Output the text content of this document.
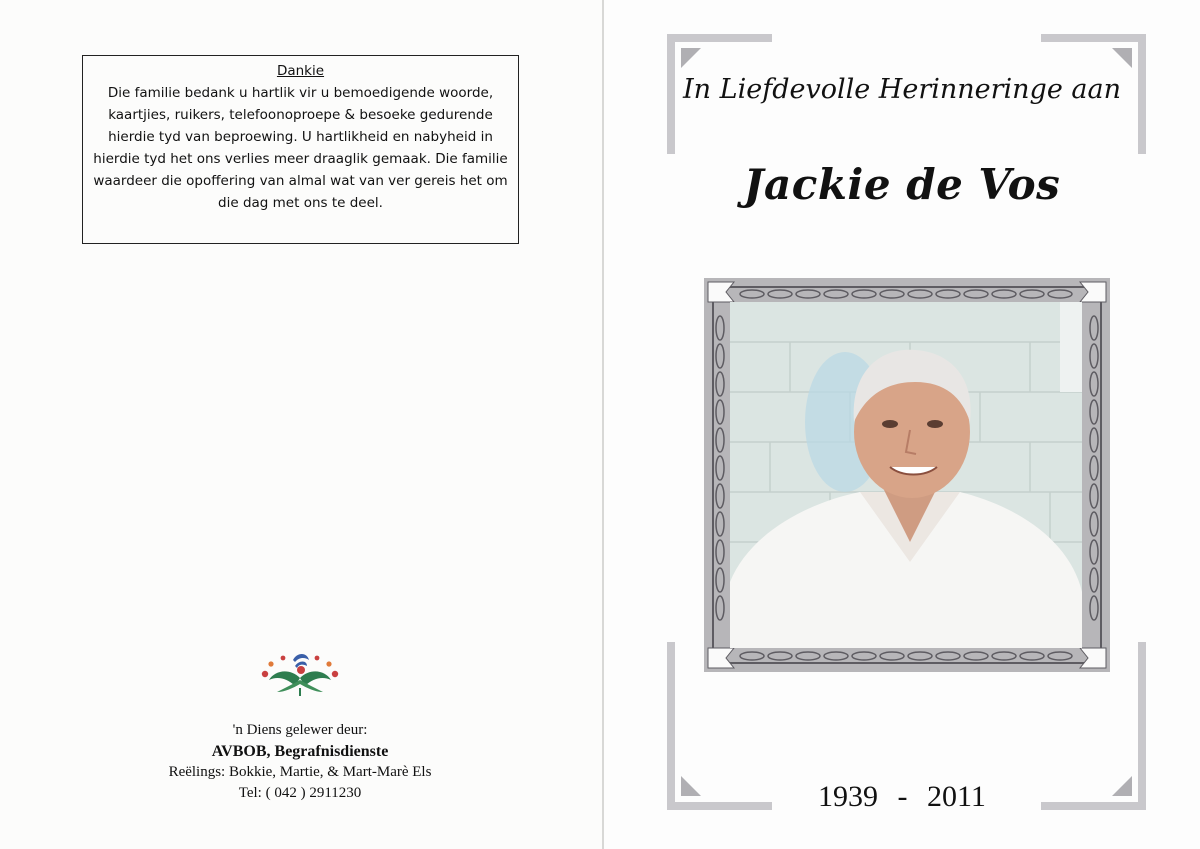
Dankie
Die familie bedank u hartlik vir u bemoedigende woorde, kaartjies, ruikers, telefoonoproepe & besoeke gedurende hierdie tyd van beproewing. U hartlikheid en nabyheid in hierdie tyd het ons verlies meer draaglik gemaak. Die familie waardeer die opoffering van almal wat van ver gereis het om die dag met ons te deel.
'n Diens gelewer deur:
AVBOB, Begrafnisdienste
Reëlings: Bokkie, Martie, & Mart-Marè Els
Tel: ( 042 ) 2911230
In Liefdevolle Herinneringe aan
Jackie de Vos
1939 - 2011
